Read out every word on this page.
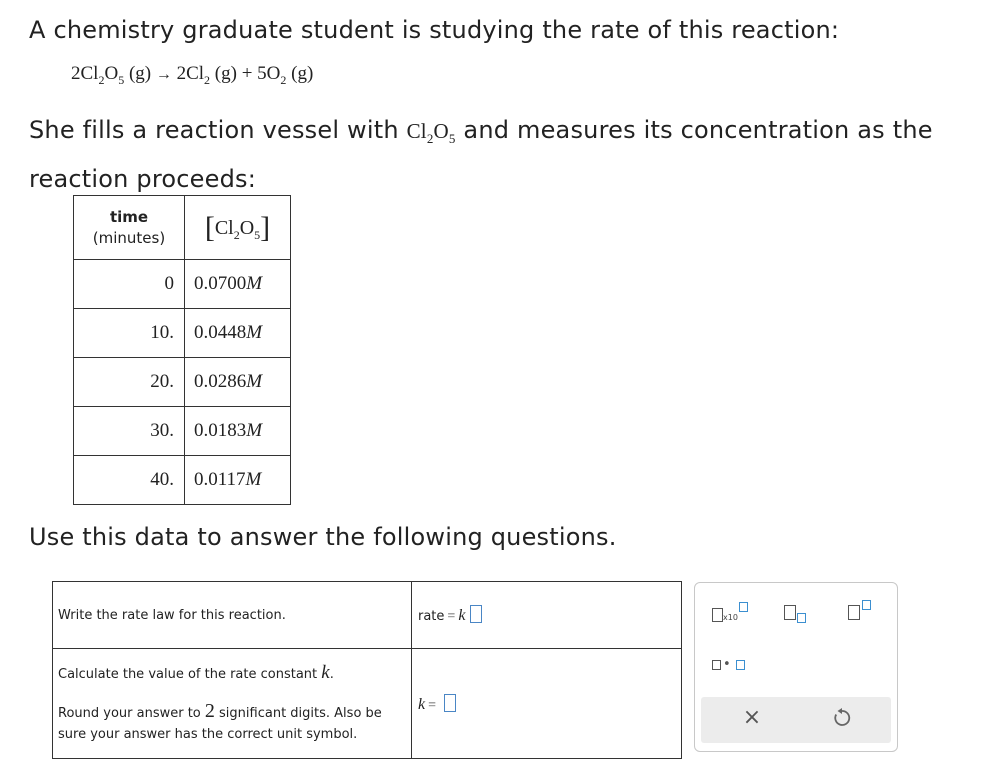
A chemistry graduate student is studying the rate of this reaction:
$2Cl_2O_5$ $(g) \to 2Cl_2$ $(g) + 5O_2$ (g)
She fills a reaction vessel with $Cl_2O_5$ and measures its concentration as the reaction proceeds:
time
(minutes)	$[Cl_2O_5]$
0	0.0700M
10.	0.0448M
20.	0.0286M
30.	0.0183M
40.	0.0117M
Use this data to answer the following questions.
Write the rate law for this reaction.	rate = k

Calculate the value of the rate constant k.
Round your answer to 2 significant digits. Also be sure your answer has the correct unit symbol.	k =
x10
•
×
